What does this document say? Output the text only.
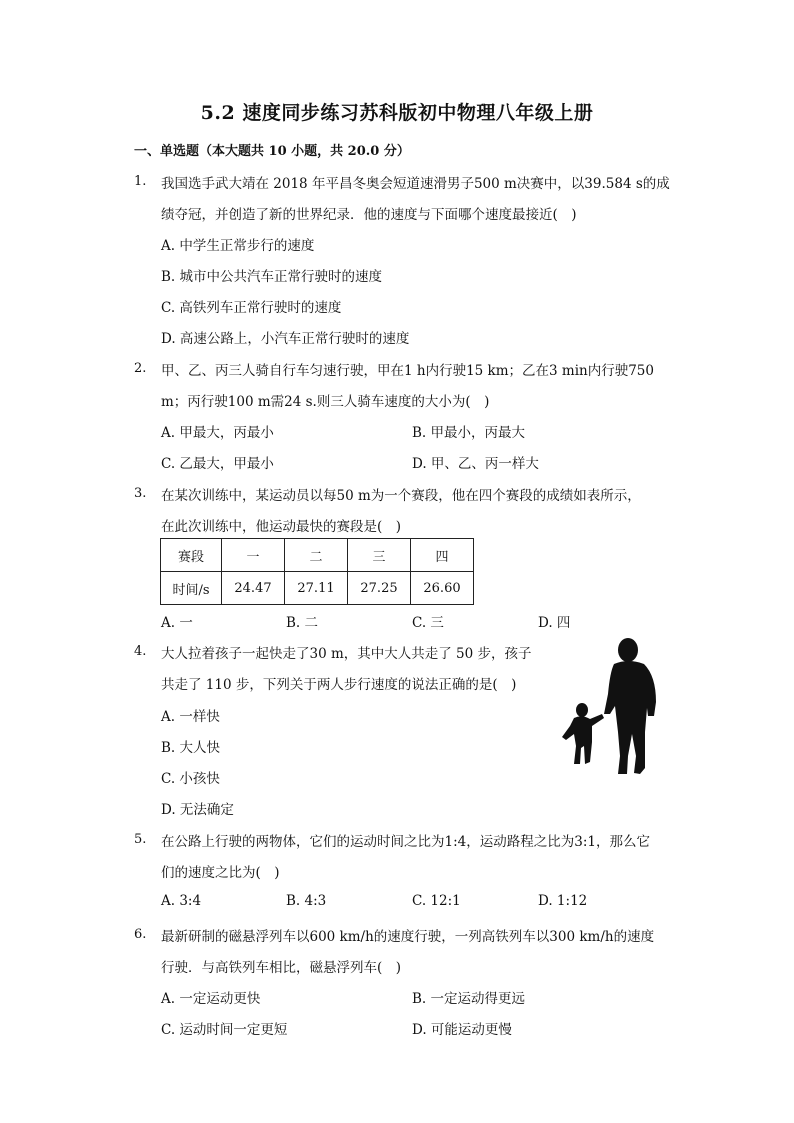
5.2 速度同步练习苏科版初中物理八年级上册
一、单选题（本大题共 10 小题，共 20.0 分）
1. 我国选手武大靖在 2018 年平昌冬奥会短道速滑男子500 m决赛中，以39.584 s的成
绩夺冠，并创造了新的世界纪录．他的速度与下面哪个速度最接近(　)
A. 中学生正常步行的速度
B. 城市中公共汽车正常行驶时的速度
C. 高铁列车正常行驶时的速度
D. 高速公路上，小汽车正常行驶时的速度
2. 甲、乙、丙三人骑自行车匀速行驶，甲在1 h内行驶15 km；乙在3 min内行驶750
m；丙行驶100 m需24 s.则三人骑车速度的大小为(　)
A. 甲最大，丙最小	B. 甲最小，丙最大
C. 乙最大，甲最小	D. 甲、乙、丙一样大
3. 在某次训练中，某运动员以每50 m为一个赛段，他在四个赛段的成绩如表所示，
在此次训练中，他运动最快的赛段是(　)
赛段	一	二	三	四
时间/s	24.47	27.11	27.25	26.60
A. 一	B. 二	C. 三	D. 四
4. 大人拉着孩子一起快走了30 m，其中大人共走了 50 步，孩子
共走了 110 步，下列关于两人步行速度的说法正确的是(　)
A. 一样快
B. 大人快
C. 小孩快
D. 无法确定
5. 在公路上行驶的两物体，它们的运动时间之比为1:4，运动路程之比为3:1，那么它
们的速度之比为(　)
A. 3:4	B. 4:3	C. 12:1	D. 1:12
6. 最新研制的磁悬浮列车以600 km/h的速度行驶，一列高铁列车以300 km/h的速度
行驶．与高铁列车相比，磁悬浮列车(　)
A. 一定运动更快	B. 一定运动得更远
C. 运动时间一定更短	D. 可能运动更慢
